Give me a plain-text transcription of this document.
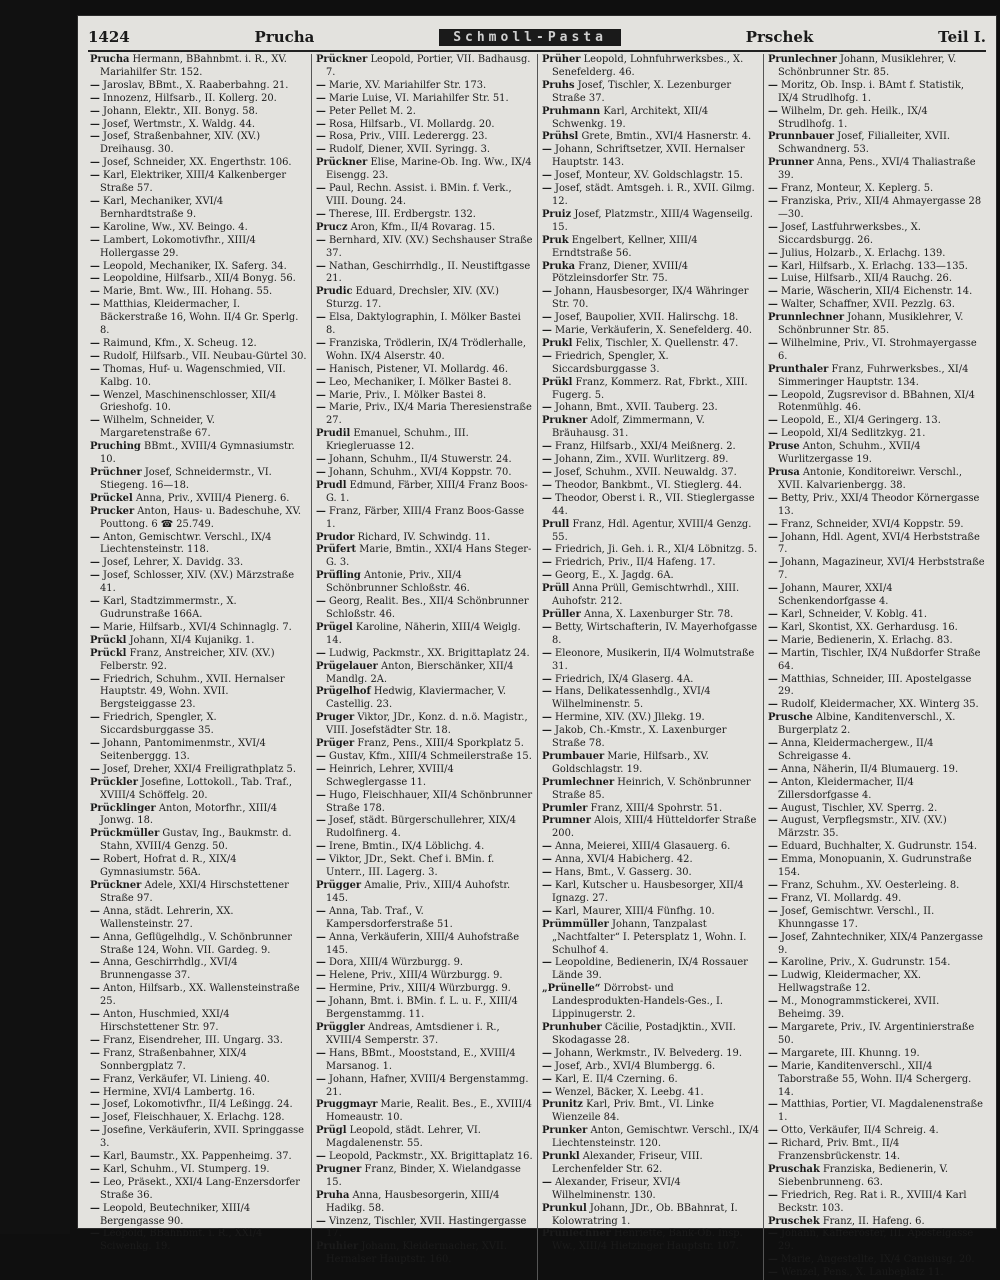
1424	Prucha	Schmoll-Pasta	Prschek	Teil I.

Prucha Hermann, BBahnbmt. i. R., XV. Mariahilfer Str. 152.

— Jaroslav, BBmt., X. Raaberbahng. 21.

— Innozenz, Hilfsarb., II. Kollerg. 20.

— Johann, Elektr., XII. Bonyg. 58.

— Josef, Wertmstr., X. Waldg. 44.

— Josef, Straßenbahner, XIV. (XV.) Dreihausg. 30.

— Josef, Schneider, XX. Engerthstr. 106.

— Karl, Elektriker, XIII/4 Kalkenberger Straße 57.

— Karl, Mechaniker, XVI/4 Bernhardtstraße 9.

— Karoline, Ww., XV. Beingo. 4.

— Lambert, Lokomotivfhr., XIII/4 Hollergasse 29.

— Leopold, Mechaniker, IX. Saferg. 34.

— Leopoldine, Hilfsarb., XII/4 Bonyg. 56.

— Marie, Bmt. Ww., III. Hohang. 55.

— Matthias, Kleidermacher, I. Bäckerstraße 16, Wohn. II/4 Gr. Sperlg. 8.

— Raimund, Kfm., X. Scheug. 12.

— Rudolf, Hilfsarb., VII. Neubau-Gürtel 30.

— Thomas, Huf- u. Wagenschmied, VII. Kalbg. 10.

— Wenzel, Maschinenschlosser, XII/4 Grieshofg. 10.

— Wilhelm, Schneider, V. Margaretenstraße 67.

Pruching BBmt., XVIII/4 Gymnasiumstr. 10.

Prüchner Josef, Schneidermstr., VI. Stiegeng. 16—18.

Prückel Anna, Priv., XVIII/4 Pienerg. 6.

Prucker Anton, Haus- u. Badeschuhe, XV. Pouttong. 6 ☎ 25.749.

— Anton, Gemischtwr. Verschl., IX/4 Liechtensteinstr. 118.

— Josef, Lehrer, X. Davidg. 33.

— Josef, Schlosser, XIV. (XV.) Märzstraße 41.

— Karl, Stadtzimmermstr., X. Gudrunstraße 166A.

— Marie, Hilfsarb., XVI/4 Schinnaglg. 7.

Prückl Johann, XI/4 Kujanikg. 1.

Prückl Franz, Anstreicher, XIV. (XV.) Felberstr. 92.

— Friedrich, Schuhm., XVII. Hernalser Hauptstr. 49, Wohn. XVII. Bergsteiggasse 23.

— Friedrich, Spengler, X. Siccardsburggasse 35.

— Johann, Pantomimenmstr., XVI/4 Seitenberggg. 13.

— Josef, Dreher, XXI/4 Freiligrathplatz 5.

Prückler Josefine, Lottokoll., Tab. Traf., XVIII/4 Schöffelg. 20.

Prücklinger Anton, Motorfhr., XIII/4 Jonwg. 18.

Prückmüller Gustav, Ing., Baukmstr. d. Stahn, XVIII/4 Genzg. 50.

— Robert, Hofrat d. R., XIX/4 Gymnasiumstr. 56A.

Prückner Adele, XXI/4 Hirschstettener Straße 97.

— Anna, städt. Lehrerin, XX. Wallensteinstr. 27.

— Anna, Geflügelhdlg., V. Schönbrunner Straße 124, Wohn. VII. Gardeg. 9.

— Anna, Geschirrhdlg., XVI/4 Brunnengasse 37.

— Anton, Hilfsarb., XX. Wallensteinstraße 25.

— Anton, Huschmied, XXI/4 Hirschstettener Str. 97.

— Franz, Eisendreher, III. Ungarg. 33.

— Franz, Straßenbahner, XIX/4 Sonnbergplatz 7.

— Franz, Verkäufer, VI. Linieng. 40.

— Hermine, XVI/4 Lambertg. 16.

— Josef, Lokomotivfhr., II/4 Leßingg. 24.

— Josef, Fleischhauer, X. Erlachg. 128.

— Josefine, Verkäuferin, XVII. Springgasse 3.

— Karl, Baumstr., XX. Pappenheimg. 37.

— Karl, Schuhm., VI. Stumperg. 19.

— Leo, Präsekt., XXI/4 Lang-Enzersdorfer Straße 36.

— Leopold, Beutechniker, XIII/4 Bergengasse 90.

— Leopold, BBahnbmt. i. R., XXI/4 Sciwenkg. 19.

Prückner Leopold, Portier, VII. Badhausg. 7.

— Marie, XV. Mariahilfer Str. 173.

— Marie Luise, VI. Mariahilfer Str. 51.

— Peter Pellet M. 2.

— Rosa, Hilfsarb., VI. Mollardg. 20.

— Rosa, Priv., VIII. Lederergg. 23.

— Rudolf, Diener, XVII. Syringg. 3.

Prückner Elise, Marine-Ob. Ing. Ww., IX/4 Eisengg. 23.

— Paul, Rechn. Assist. i. BMin. f. Verk., VIII. Doung. 24.

— Therese, III. Erdbergstr. 132.

Prucz Aron, Kfm., II/4 Rovarag. 15.

— Bernhard, XIV. (XV.) Sechshauser Straße 37.

— Nathan, Geschirrhdlg., II. Neustiftgasse 21.

Prudic Eduard, Drechsler, XIV. (XV.) Sturzg. 17.

— Elsa, Daktylographin, I. Mölker Bastei 8.

— Franziska, Trödlerin, IX/4 Trödlerhalle, Wohn. IX/4 Alserstr. 40.

— Hanisch, Pistener, VI. Mollardg. 46.

— Leo, Mechaniker, I. Mölker Bastei 8.

— Marie, Priv., I. Mölker Bastei 8.

— Marie, Priv., IX/4 Maria Theresienstraße 27.

Prudil Emanuel, Schuhm., III. Kriegleruasse 12.

— Johann, Schuhm., II/4 Stuwerstr. 24.

— Johann, Schuhm., XVI/4 Koppstr. 70.

Prudl Edmund, Färber, XIII/4 Franz Boos-G. 1.

— Franz, Färber, XIII/4 Franz Boos-Gasse 1.

Prudor Richard, IV. Schwindg. 11.

Prüfert Marie, Bmtin., XXI/4 Hans Steger-G. 3.

Prüfling Antonie, Priv., XII/4 Schönbrunner Schloßstr. 46.

— Georg, Realit. Bes., XII/4 Schönbrunner Schloßstr. 46.

Prügel Karoline, Näherin, XIII/4 Weiglg. 14.

— Ludwig, Packmstr., XX. Brigittaplatz 24.

Prügelauer Anton, Bierschänker, XII/4 Mandlg. 2A.

Prügelhof Hedwig, Klaviermacher, V. Castellig. 23.

Pruger Viktor, JDr., Konz. d. n.ö. Magistr., VIII. Josefstädter Str. 18.

Prüger Franz, Pens., XIII/4 Sporkplatz 5.

— Gustav, Kfm., XIII/4 Schmeilerstraße 15.

— Heinrich, Lehrer, XVIII/4 Schweglergasse 11.

— Hugo, Fleischhauer, XII/4 Schönbrunner Straße 178.

— Josef, städt. Bürgerschullehrer, XIX/4 Rudolfinerg. 4.

— Irene, Bmtin., IX/4 Löblichg. 4.

— Viktor, JDr., Sekt. Chef i. BMin. f. Unterr., III. Lagerg. 3.

Prügger Amalie, Priv., XIII/4 Auhofstr. 145.

— Anna, Tab. Traf., V. Kampersdorferstraße 51.

— Anna, Verkäuferin, XIII/4 Auhofstraße 145.

— Dora, XIII/4 Würzburgg. 9.

— Helene, Priv., XIII/4 Würzburgg. 9.

— Hermine, Priv., XIII/4 Würzburgg. 9.

— Johann, Bmt. i. BMin. f. L. u. F., XIII/4 Bergenstammg. 11.

Prüggler Andreas, Amtsdiener i. R., XVIII/4 Semperstr. 37.

— Hans, BBmt., Mooststand, E., XVIII/4 Marsanog. 1.

— Johann, Hafner, XVIII/4 Bergenstammg. 21.

Pruggmayr Marie, Realit. Bes., E., XVIII/4 Homeaustr. 10.

Prügl Leopold, städt. Lehrer, VI. Magdalenenstr. 55.

— Leopold, Packmstr., XX. Brigittaplatz 16.

Prugner Franz, Binder, X. Wielandgasse 15.

Pruha Anna, Hausbesorgerin, XIII/4 Hadikg. 58.

— Vinzenz, Tischler, XVII. Hastingergasse 17.

Pruhier Johann, Kleidermacher, XVII. Hernalser Hauptstr. 160.

Prüher Leopold, Lohnfuhrwerksbes., X. Senefelderg. 46.

Pruhs Josef, Tischler, X. Lezenburger Straße 37.

Pruhmann Karl, Architekt, XII/4 Schwenkg. 19.

Prühsl Grete, Bmtin., XVI/4 Hasnerstr. 4.

— Johann, Schriftsetzer, XVII. Hernalser Hauptstr. 143.

— Josef, Monteur, XV. Goldschlagstr. 15.

— Josef, städt. Amtsgeh. i. R., XVII. Gilmg. 12.

Pruiz Josef, Platzmstr., XIII/4 Wagenseilg. 15.

Pruk Engelbert, Kellner, XIII/4 Erndtstraße 56.

Pruka Franz, Diener, XVIII/4 Pötzleinsdorfer Str. 75.

— Johann, Hausbesorger, IX/4 Währinger Str. 70.

— Josef, Baupolier, XVII. Halirschg. 18.

— Marie, Verkäuferin, X. Senefelderg. 40.

Prukl Felix, Tischler, X. Quellenstr. 47.

— Friedrich, Spengler, X. Siccardsburggasse 3.

Prükl Franz, Kommerz. Rat, Fbrkt., XIII. Fugerg. 5.

— Johann, Bmt., XVII. Tauberg. 23.

Prukner Adolf, Zimmermann, V. Bräuhausg. 31.

— Franz, Hilfsarb., XXI/4 Meißnerg. 2.

— Johann, Zim., XVII. Wurlitzerg. 89.

— Josef, Schuhm., XVII. Neuwaldg. 37.

— Theodor, Bankbmt., VI. Stieglerg. 44.

— Theodor, Oberst i. R., VII. Stieglergasse 44.

Prull Franz, Hdl. Agentur, XVIII/4 Genzg. 55.

— Friedrich, Ji. Geh. i. R., XI/4 Löbnitzg. 5.

— Friedrich, Priv., II/4 Hafeng. 17.

— Georg, E., X. Jagdg. 6A.

Prüll Anna Prüll, Gemischtwrhdl., XIII. Auhofstr. 212.

Prüller Anna, X. Laxenburger Str. 78.

— Betty, Wirtschafterin, IV. Mayerhofgasse 8.

— Eleonore, Musikerin, II/4 Wolmutstraße 31.

— Friedrich, IX/4 Glaserg. 4A.

— Hans, Delikatessenhdlg., XVI/4 Wilhelminenstr. 5.

— Hermine, XIV. (XV.) Jllekg. 19.

— Jakob, Ch.-Kmstr., X. Laxenburger Straße 78.

Prumbauer Marie, Hilfsarb., XV. Goldschlagstr. 19.

Prumlechner Heinrich, V. Schönbrunner Straße 85.

Prumler Franz, XIII/4 Spohrstr. 51.

Prumner Alois, XIII/4 Hütteldorfer Straße 200.

— Anna, Meierei, XIII/4 Glasauerg. 6.

— Anna, XVI/4 Habicherg. 42.

— Hans, Bmt., V. Gasserg. 30.

— Karl, Kutscher u. Hausbesorger, XII/4 Ignazg. 27.

— Karl, Maurer, XIII/4 Fünfhg. 10.

Prümmüller Johann, Tanzpalast „Nachtfalter“ I. Petersplatz 1, Wohn. I. Schulhof 4.

— Leopoldine, Bedienerin, IX/4 Rossauer Lände 39.

„Prünelle“ Dörrobst- und Landesprodukten-Handels-Ges., I. Lippinugerstr. 2.

Prunhuber Cäcilie, Postadjktin., XVII. Skodagasse 28.

— Johann, Werkmstr., IV. Belvederg. 19.

— Josef, Arb., XVI/4 Blumbergg. 6.

— Karl, E. II/4 Czerning. 6.

— Wenzel, Bäcker, X. Leebg. 41.

Prunitz Karl, Priv. Bmt., VI. Linke Wienzeile 84.

Prunker Anton, Gemischtwr. Verschl., IX/4 Liechtensteinstr. 120.

Prunkl Alexander, Friseur, VIII. Lerchenfelder Str. 62.

— Alexander, Friseur, XVI/4 Wilhelminenstr. 130.

Prunkul Johann, JDr., Ob. BBahnrat, I. Kolowratring 1.

Prunlechner Henriette, Bank-Ob. Insp. Ww., XIII/4 Hietzinger Hauptstr. 107.

Prunlechner Johann, Musiklehrer, V. Schönbrunner Str. 85.

— Moritz, Ob. Insp. i. BAmt f. Statistik, IX/4 Strudlhofg. 1.

— Wilhelm, Dr. geh. Heilk., IX/4 Strudlhofg. 1.

Prunnbauer Josef, Filialleiter, XVII. Schwandnerg. 53.

Prunner Anna, Pens., XVI/4 Thaliastraße 39.

— Franz, Monteur, X. Keplerg. 5.

— Franziska, Priv., XII/4 Ahmayergasse 28—30.

— Josef, Lastfuhrwerksbes., X. Siccardsburgg. 26.

— Julius, Holzarb., X. Erlachg. 139.

— Karl, Hilfsarb., X. Erlachg. 133—135.

— Luise, Hilfsarb., XII/4 Rauchg. 26.

— Marie, Wäscherin, XII/4 Eichenstr. 14.

— Walter, Schaffner, XVII. Pezzlg. 63.

Prunnlechner Johann, Musiklehrer, V. Schönbrunner Str. 85.

— Wilhelmine, Priv., VI. Strohmayergasse 6.

Prunthaler Franz, Fuhrwerksbes., XI/4 Simmeringer Hauptstr. 134.

— Leopold, Zugsrevisor d. BBahnen, XI/4 Rotenmühlg. 46.

— Leopold, E., XI/4 Geringerg. 13.

— Leopold, XI/4 Sedlitzkyg. 21.

Pruse Anton, Schuhm., XVII/4 Wurlitzergasse 19.

Prusa Antonie, Konditoreiwr. Verschl., XVII. Kalvarienbergg. 38.

— Betty, Priv., XXI/4 Theodor Körnergasse 13.

— Franz, Schneider, XVI/4 Koppstr. 59.

— Johann, Hdl. Agent, XVI/4 Herbststraße 7.

— Johann, Magazineur, XVI/4 Herbststraße 7.

— Johann, Maurer, XXI/4 Schenkendorfgasse 4.

— Karl, Schneider, V. Koblg. 41.

— Karl, Skontist, XX. Gerhardusg. 16.

— Marie, Bedienerin, X. Erlachg. 83.

— Martin, Tischler, IX/4 Nußdorfer Straße 64.

— Matthias, Schneider, III. Apostelgasse 29.

— Rudolf, Kleidermacher, XX. Winterg 35.

Prusche Albine, Kanditenverschl., X. Burgerplatz 2.

— Anna, Kleidermachergew., II/4 Schreigasse 4.

— Anna, Näherin, II/4 Blumauerg. 19.

— Anton, Kleidermacher, II/4 Zillersdorfgasse 4.

— August, Tischler, XV. Sperrg. 2.

— August, Verpflegsmstr., XIV. (XV.) Märzstr. 35.

— Eduard, Buchhalter, X. Gudrunstr. 154.

— Emma, Monopuanin, X. Gudrunstraße 154.

— Franz, Schuhm., XV. Oesterleing. 8.

— Franz, VI. Mollardg. 49.

— Josef, Gemischtwr. Verschl., II. Khunngasse 17.

— Josef, Zahntechniker, XIX/4 Panzergasse 9.

— Karoline, Priv., X. Gudrunstr. 154.

— Ludwig, Kleidermacher, XX. Hellwagstraße 12.

— M., Monogrammstickerei, XVII. Beheimg. 39.

— Margarete, Priv., IV. Argentinierstraße 50.

— Margarete, III. Khunng. 19.

— Marie, Kanditenverschl., XII/4 Taborstraße 55, Wohn. II/4 Schergerg. 14.

— Matthias, Portier, VI. Magdalenenstraße 1.

— Otto, Verkäufer, II/4 Schreig. 4.

— Richard, Priv. Bmt., II/4 Franzensbrückenstr. 14.

Pruschak Franziska, Bedienerin, V. Siebenbrunneng. 63.

— Friedrich, Reg. Rat i. R., XVIII/4 Karl Beckstr. 103.

Pruschek Franz, II. Hafeng. 6.

— Johann, Kaffeeröster, III. Apostelgasse 29.

— Marie, Angestellte, IX/4 Canisiusg. 20.

— Wenzel, Pens., X. Laubeplatz 11.
